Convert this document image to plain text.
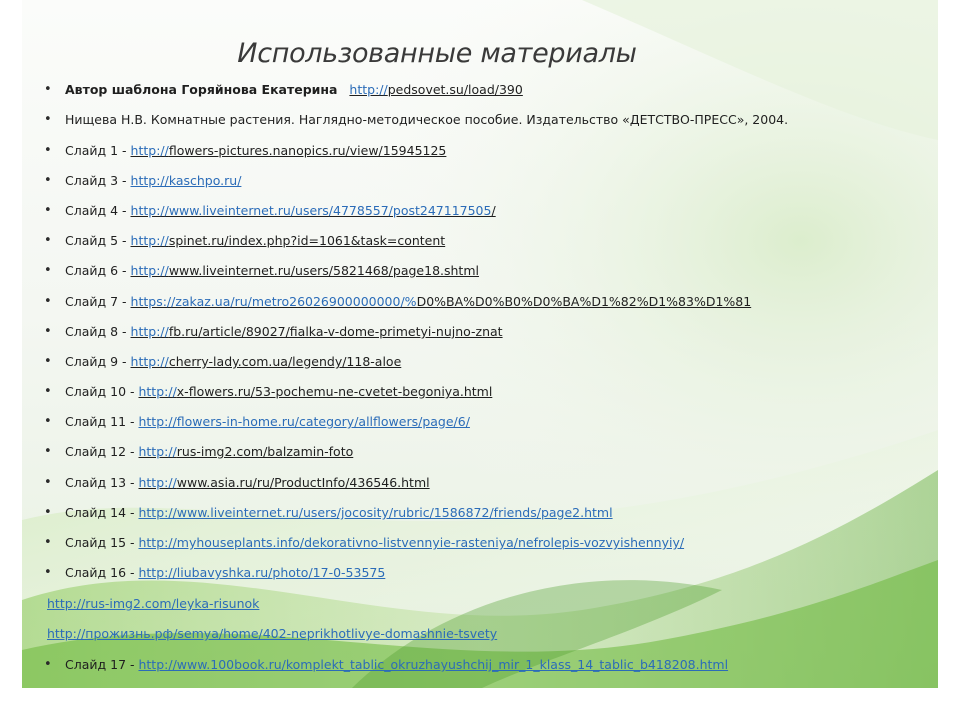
Использованные материалы
• Автор шаблона Горяйнова Екатерина http://pedsovet.su/load/390
• Нищева Н.В. Комнатные растения. Наглядно-методическое пособие. Издательство «ДЕТСТВО-ПРЕСС», 2004.
• Слайд 1 - http://flowers-pictures.nanopics.ru/view/15945125
• Слайд 3 - http://kaschpo.ru/
• Слайд 4 - http://www.liveinternet.ru/users/4778557/post247117505/
• Слайд 5 - http://spinet.ru/index.php?id=1061&task=content
• Слайд 6 - http://www.liveinternet.ru/users/5821468/page18.shtml
• Слайд 7 - https://zakaz.ua/ru/metro26026900000000/%D0%BA%D0%B0%D0%BA%D1%82%D1%83%D1%81
• Слайд 8 - http://fb.ru/article/89027/fialka-v-dome-primetyi-nujno-znat
• Слайд 9 - http://cherry-lady.com.ua/legendy/118-aloe
• Слайд 10 - http://x-flowers.ru/53-pochemu-ne-cvetet-begoniya.html
• Слайд 11 - http://flowers-in-home.ru/category/allflowers/page/6/
• Слайд 12 - http://rus-img2.com/balzamin-foto
• Слайд 13 - http://www.asia.ru/ru/ProductInfo/436546.html
• Слайд 14 - http://www.liveinternet.ru/users/jocosity/rubric/1586872/friends/page2.html
• Слайд 15 - http://myhouseplants.info/dekorativno-listvennyie-rasteniya/nefrolepis-vozvyishennyiy/
• Слайд 16 - http://liubavyshka.ru/photo/17-0-53575
http://rus-img2.com/leyka-risunok
http://прожизнь.рф/semya/home/402-neprikhotlivye-domashnie-tsvety
• Слайд 17 - http://www.100book.ru/komplekt_tablic_okruzhayushchij_mir_1_klass_14_tablic_b418208.html
